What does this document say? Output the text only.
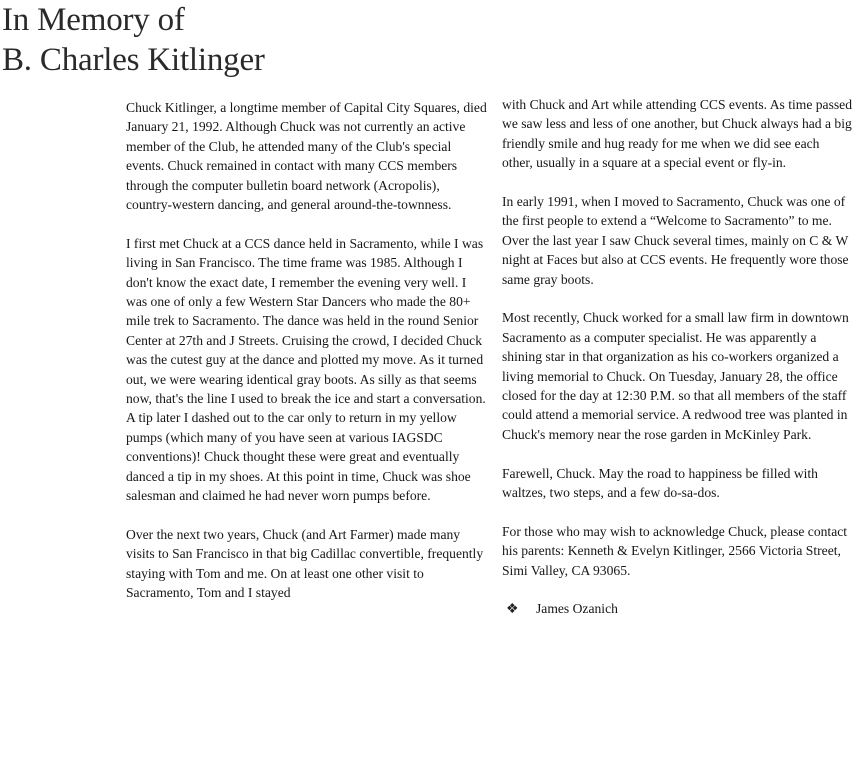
In Memory of
B. Charles Kitlinger

Chuck Kitlinger, a longtime member of Capital City Squares, died January 21, 1992. Although Chuck was not currently an active member of the Club, he attended many of the Club's special events. Chuck remained in contact with many CCS members through the computer bulletin board network (Acropolis), country-western dancing, and general around-the-townness.

I first met Chuck at a CCS dance held in Sacramento, while I was living in San Francisco. The time frame was 1985. Although I don't know the exact date, I remember the evening very well. I was one of only a few Western Star Dancers who made the 80+ mile trek to Sacramento. The dance was held in the round Senior Center at 27th and J Streets. Cruising the crowd, I decided Chuck was the cutest guy at the dance and plotted my move. As it turned out, we were wearing identical gray boots. As silly as that seems now, that's the line I used to break the ice and start a conversation. A tip later I dashed out to the car only to return in my yellow pumps (which many of you have seen at various IAGSDC conventions)! Chuck thought these were great and eventually danced a tip in my shoes. At this point in time, Chuck was shoe salesman and claimed he had never worn pumps before.

Over the next two years, Chuck (and Art Farmer) made many visits to San Francisco in that big Cadillac convertible, frequently staying with Tom and me. On at least one other visit to Sacramento, Tom and I stayed

with Chuck and Art while attending CCS events. As time passed we saw less and less of one another, but Chuck always had a big friendly smile and hug ready for me when we did see each other, usually in a square at a special event or fly-in.

In early 1991, when I moved to Sacramento, Chuck was one of the first people to extend a “Welcome to Sacramento” to me. Over the last year I saw Chuck several times, mainly on C & W night at Faces but also at CCS events. He frequently wore those same gray boots.

Most recently, Chuck worked for a small law firm in downtown Sacramento as a computer specialist. He was apparently a shining star in that organization as his co-workers organized a living memorial to Chuck. On Tuesday, January 28, the office closed for the day at 12:30 P.M. so that all members of the staff could attend a memorial service. A redwood tree was planted in Chuck's memory near the rose garden in McKinley Park.

Farewell, Chuck. May the road to happiness be filled with waltzes, two steps, and a few do-sa-dos.

For those who may wish to acknowledge Chuck, please contact his parents: Kenneth & Evelyn Kitlinger, 2566 Victoria Street, Simi Valley, CA 93065.

❖	James Ozanich
